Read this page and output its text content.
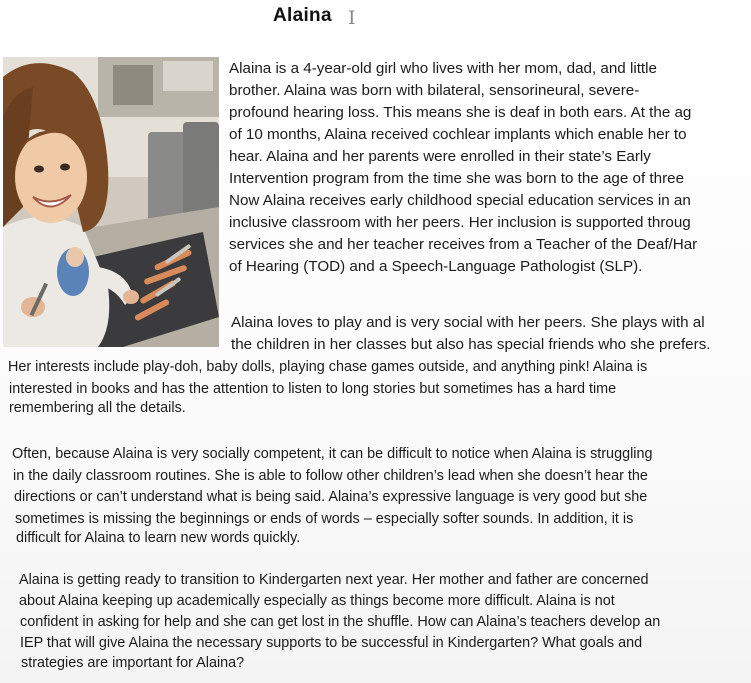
Alaina I
Alaina is a 4-year-old girl who lives with her mom, dad, and little
brother. Alaina was born with bilateral, sensorineural, severe-
profound hearing loss. This means she is deaf in both ears. At the ag
of 10 months, Alaina received cochlear implants which enable her to
hear. Alaina and her parents were enrolled in their state’s Early
Intervention program from the time she was born to the age of three
Now Alaina receives early childhood special education services in an
inclusive classroom with her peers. Her inclusion is supported throug
services she and her teacher receives from a Teacher of the Deaf/Har
of Hearing (TOD) and a Speech-Language Pathologist (SLP).
Alaina loves to play and is very social with her peers. She plays with al
the children in her classes but also has special friends who she prefers.
Her interests include play-doh, baby dolls, playing chase games outside, and anything pink! Alaina is
interested in books and has the attention to listen to long stories but sometimes has a hard time
remembering all the details.
Often, because Alaina is very socially competent, it can be difficult to notice when Alaina is struggling
in the daily classroom routines. She is able to follow other children’s lead when she doesn’t hear the
directions or can’t understand what is being said. Alaina’s expressive language is very good but she
sometimes is missing the beginnings or ends of words – especially softer sounds. In addition, it is
difficult for Alaina to learn new words quickly.
Alaina is getting ready to transition to Kindergarten next year. Her mother and father are concerned
about Alaina keeping up academically especially as things become more difficult. Alaina is not
confident in asking for help and she can get lost in the shuffle. How can Alaina’s teachers develop an
IEP that will give Alaina the necessary supports to be successful in Kindergarten? What goals and
strategies are important for Alaina?
